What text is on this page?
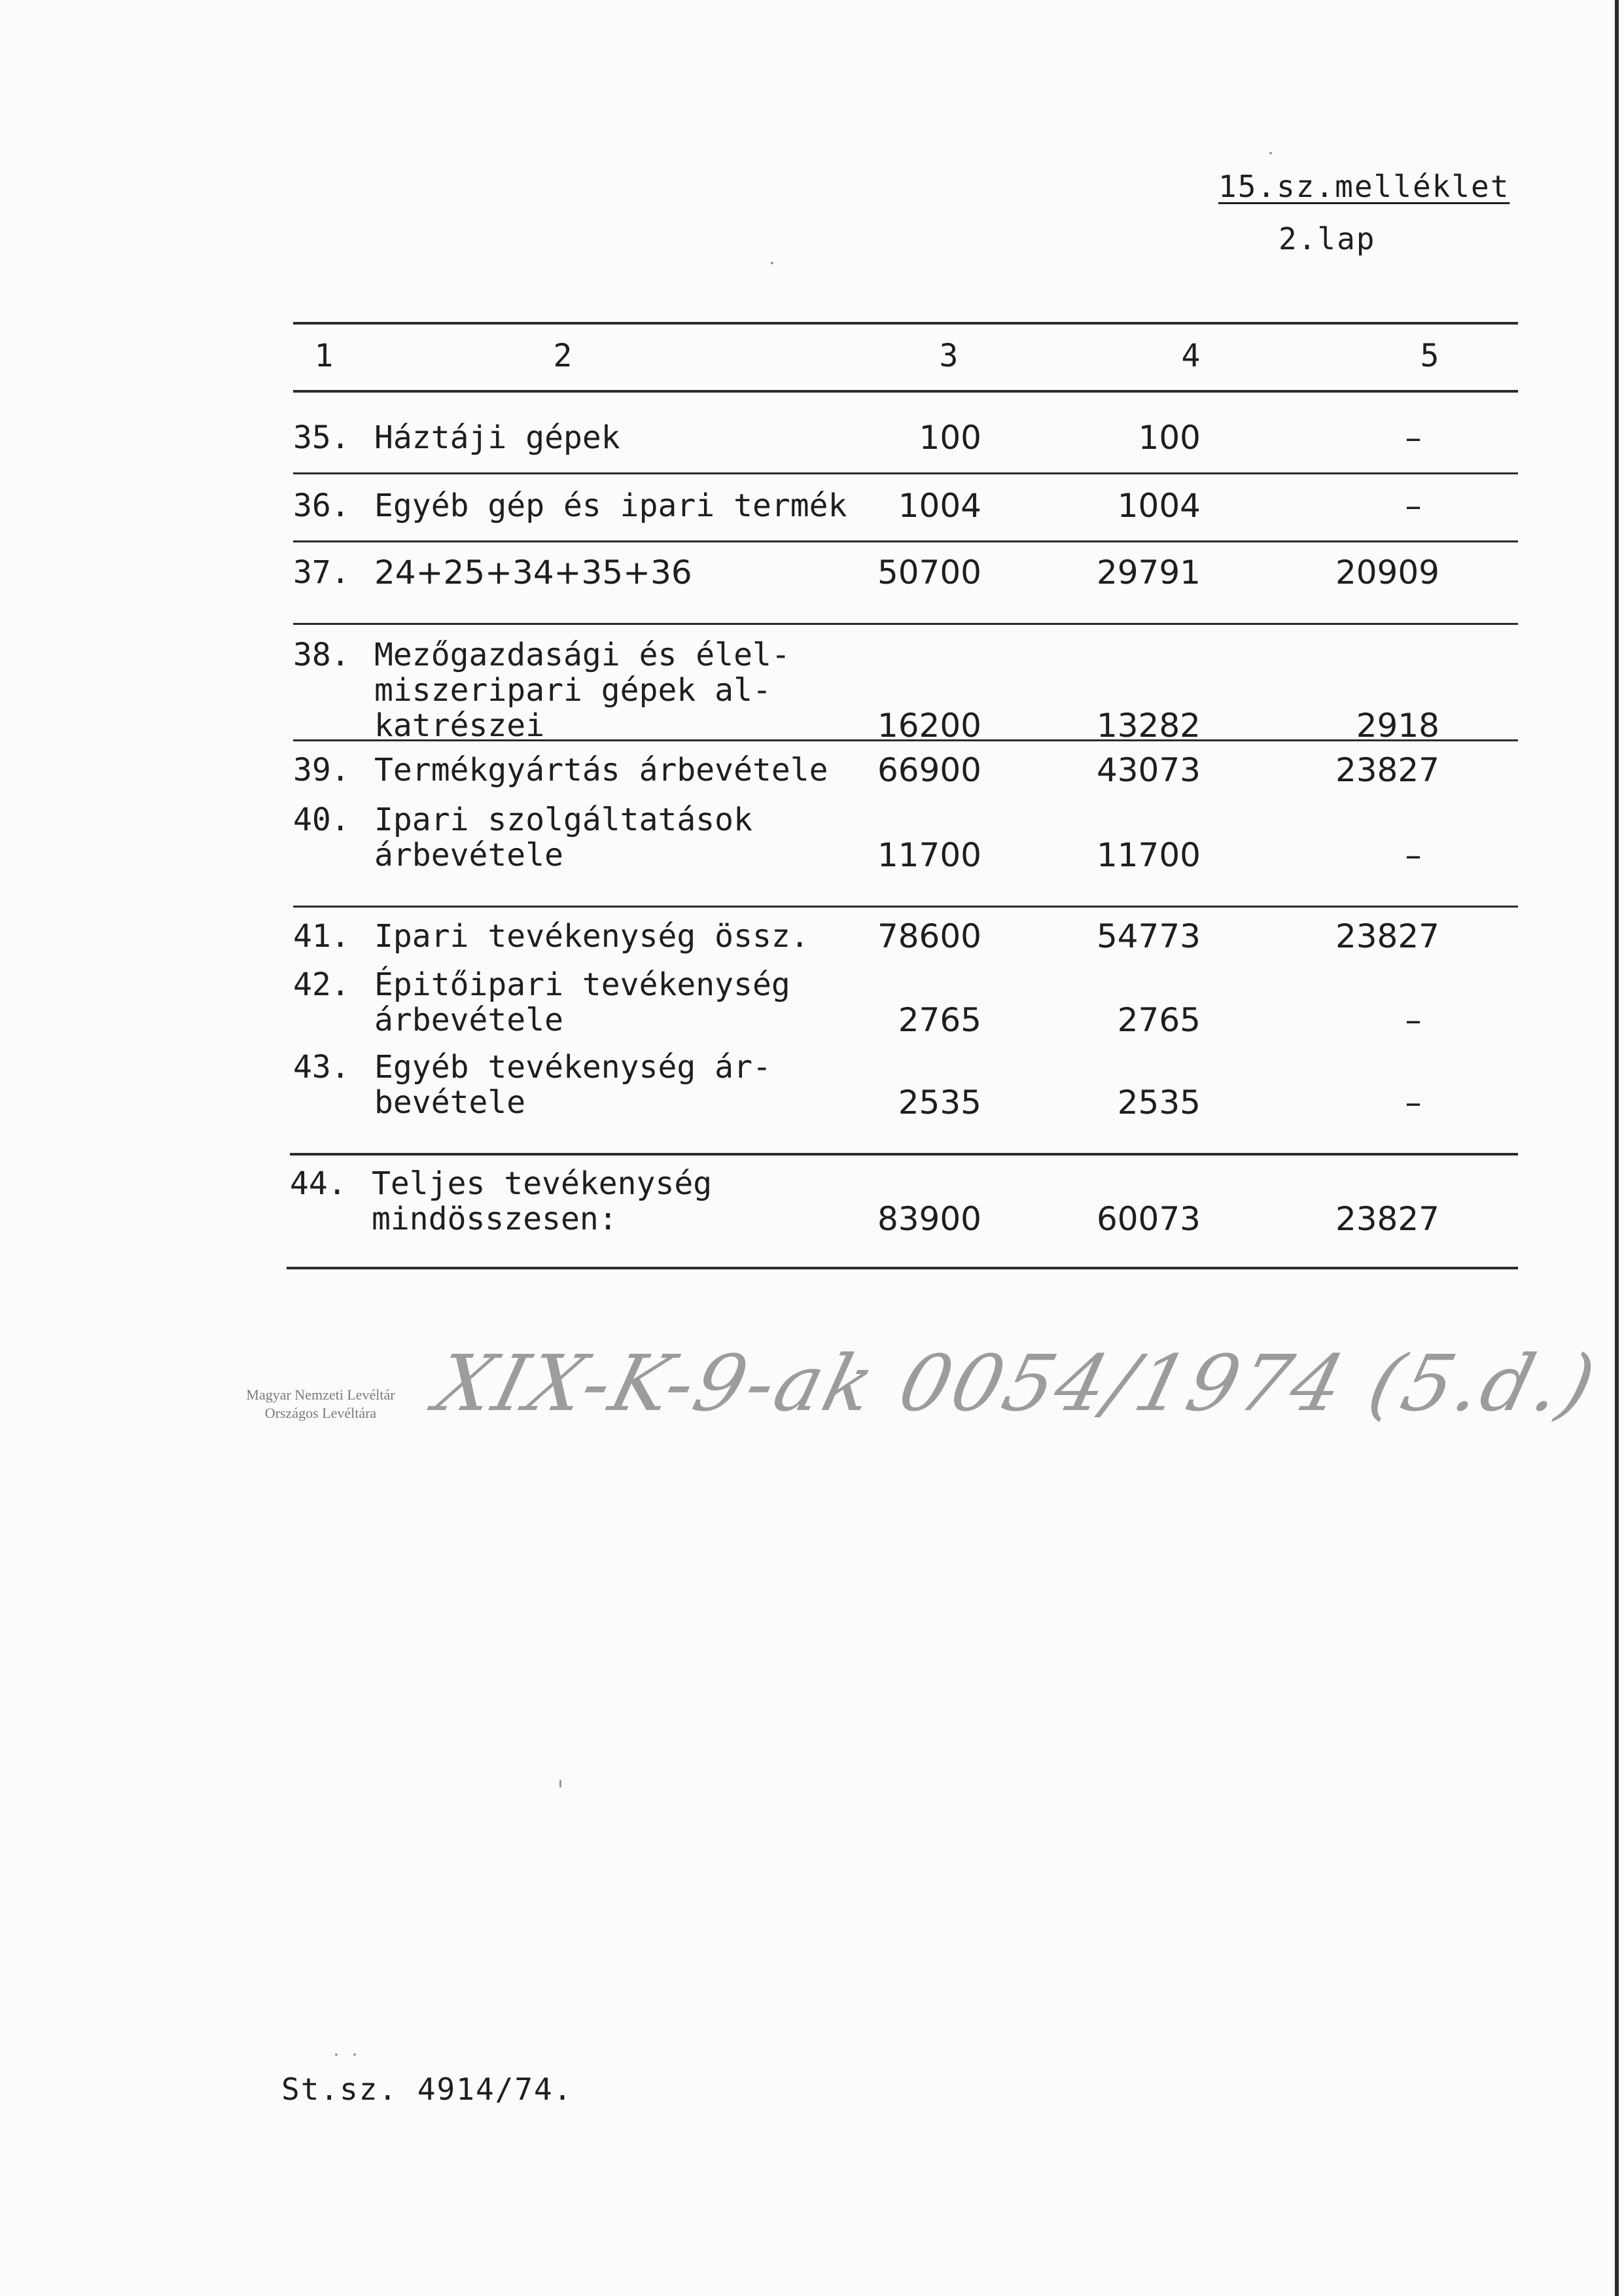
15.sz.melléklet
2.lap
1	2	3	4	5
35. Háztáji gépek	100	100	–
36. Egyéb gép és ipari termék	1004	1004	–
37. 24+25+34+35+36	50700	29791	20909
38. Mezőgazdasági és élel-
miszeripari gépek al-
katrészei	16200	13282	2918
39. Termékgyártás árbevétele	66900	43073	23827
40. Ipari szolgáltatások
árbevétele	11700	11700	–
41. Ipari tevékenység össz.	78600	54773	23827
42. Épitőipari tevékenység
árbevétele	2765	2765	–
43. Egyéb tevékenység ár-
bevétele	2535	2535	–
44. Teljes tevékenység
mindösszesen:	83900	60073	23827
Magyar Nemzeti Levéltár
Országos Levéltára XIX-K-9-ak 0054/1974 (5.d.)
St.sz. 4914/74.
